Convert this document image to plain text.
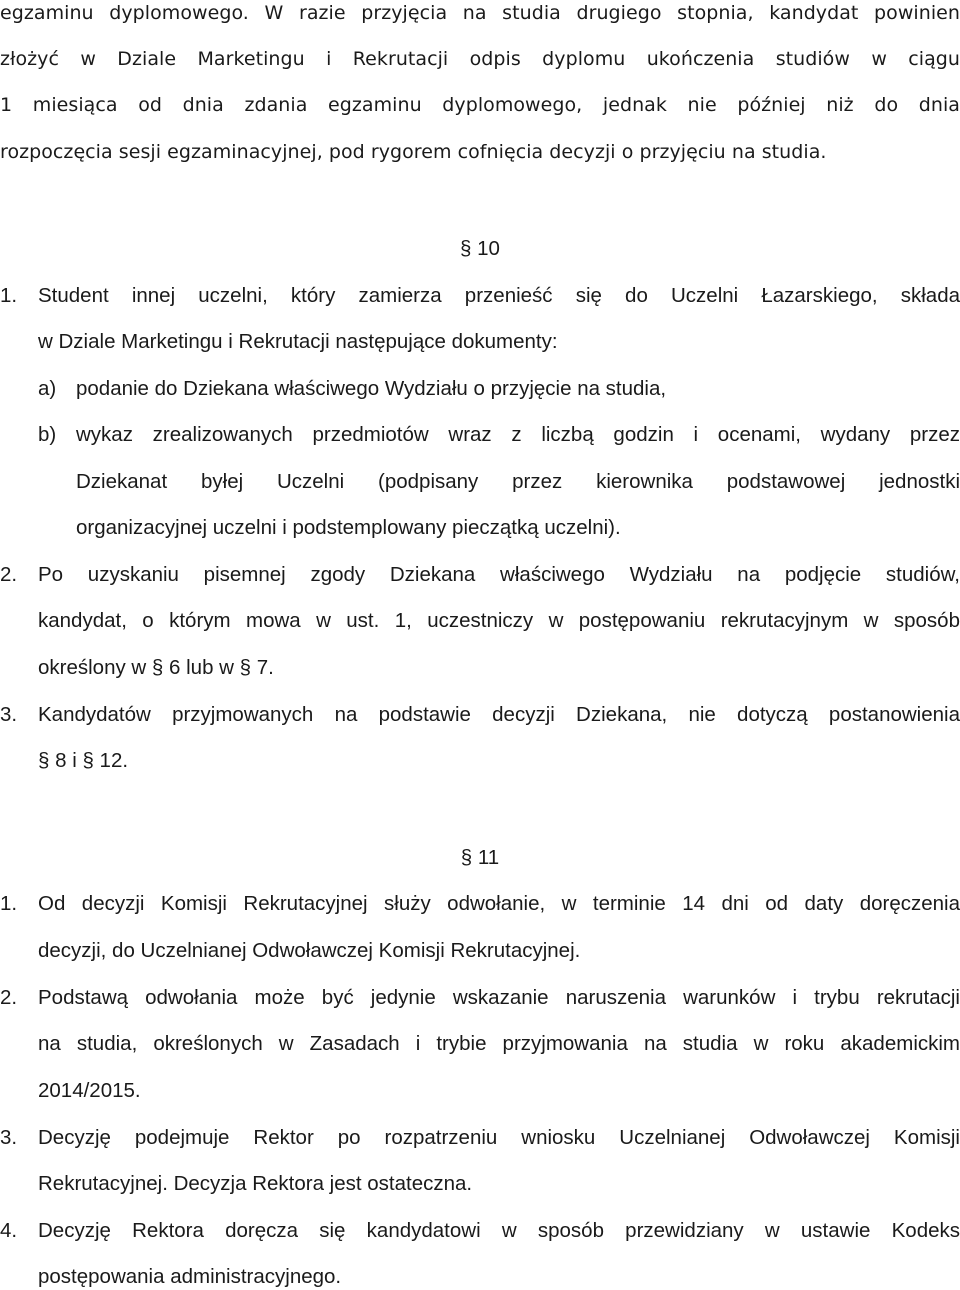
egzaminu dyplomowego. W razie przyjęcia na studia drugiego stopnia, kandydat powinien
złożyć w Dziale Marketingu i Rekrutacji odpis dyplomu ukończenia studiów w ciągu
1 miesiąca od dnia zdania egzaminu dyplomowego, jednak nie później niż do dnia
rozpoczęcia sesji egzaminacyjnej, pod rygorem cofnięcia decyzji o przyjęciu na studia.
§ 10
1. Student innej uczelni, który zamierza przenieść się do Uczelni Łazarskiego, składa
w Dziale Marketingu i Rekrutacji następujące dokumenty:
a) podanie do Dziekana właściwego Wydziału o przyjęcie na studia,
b) wykaz zrealizowanych przedmiotów wraz z liczbą godzin i ocenami, wydany przez
Dziekanat byłej Uczelni (podpisany przez kierownika podstawowej jednostki
organizacyjnej uczelni i podstemplowany pieczątką uczelni).
2. Po uzyskaniu pisemnej zgody Dziekana właściwego Wydziału na podjęcie studiów,
kandydat, o którym mowa w ust. 1, uczestniczy w postępowaniu rekrutacyjnym w sposób
określony w § 6 lub w § 7.
3. Kandydatów przyjmowanych na podstawie decyzji Dziekana, nie dotyczą postanowienia
§ 8 i § 12.
§ 11
1. Od decyzji Komisji Rekrutacyjnej służy odwołanie, w terminie 14 dni od daty doręczenia
decyzji, do Uczelnianej Odwoławczej Komisji Rekrutacyjnej.
2. Podstawą odwołania może być jedynie wskazanie naruszenia warunków i trybu rekrutacji
na studia, określonych w Zasadach i trybie przyjmowania na studia w roku akademickim
2014/2015.
3. Decyzję podejmuje Rektor po rozpatrzeniu wniosku Uczelnianej Odwoławczej Komisji
Rekrutacyjnej. Decyzja Rektora jest ostateczna.
4. Decyzję Rektora doręcza się kandydatowi w sposób przewidziany w ustawie Kodeks
postępowania administracyjnego.
